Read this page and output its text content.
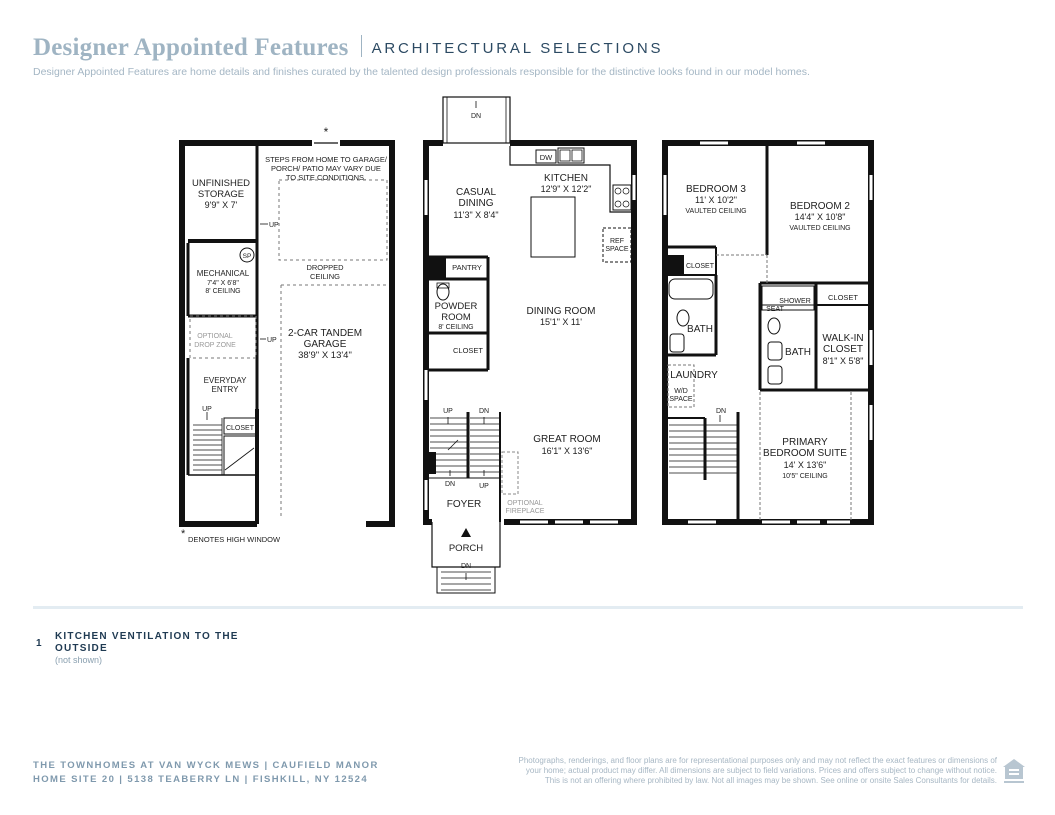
Designer Appointed Features ARCHITECTURAL SELECTIONS
Designer Appointed Features are home details and finishes curated by the talented design professionals responsible for the distinctive looks found in our model homes.
*
STEPS FROM HOME TO GARAGE/
PORCH/ PATIO MAY VARY DUE
TO SITE CONDITIONS.
UNFINISHED
STORAGE
9'9" X 7'
SP
MECHANICAL
7'4" X 6'8"
8' CEILING
DROPPED
CEILING
OPTIONAL
DROP ZONE
2-CAR TANDEM
GARAGE
38'9" X 13'4"
EVERYDAY
ENTRY
UP
UP
UP
CLOSET
* DENOTES HIGH WINDOW
DN
CASUAL
DINING
11'3" X 8'4"
KITCHEN
12'9" X 12'2"
DW
REF
SPACE
PANTRY
POWDER
ROOM
8' CEILING
CLOSET
DINING ROOM
15'1" X 11'
GREAT ROOM
16'1" X 13'6"
UP	DN
DN	UP
FOYER	OPTIONAL
FIREPLACE
PORCH
DN
BEDROOM 3
11' X 10'2"
VAULTED CEILING	BEDROOM 2
14'4" X 10'8"
VAULTED CEILING
CLOSET
CLOSET
SHOWER
SEAT
BATH
BATH
WALK-IN
CLOSET
8'1" X 5'8"
LAUNDRY
W/D
SPACE
DN
PRIMARY
BEDROOM SUITE
14' X 13'6"
10'5" CEILING
1
KITCHEN VENTILATION TO THE OUTSIDE
(not shown)
THE TOWNHOMES AT VAN WYCK MEWS | CAUFIELD MANOR
HOME SITE 20 | 5138 TEABERRY LN | FISHKILL, NY 12524
Photographs, renderings, and floor plans are for representational purposes only and may not reflect the exact features or dimensions of your home; actual product may differ. All dimensions are subject to field variations. Prices and offers subject to change without notice. This is not an offering where prohibited by law. Not all images may be shown. See online or onsite Sales Consultants for details.
